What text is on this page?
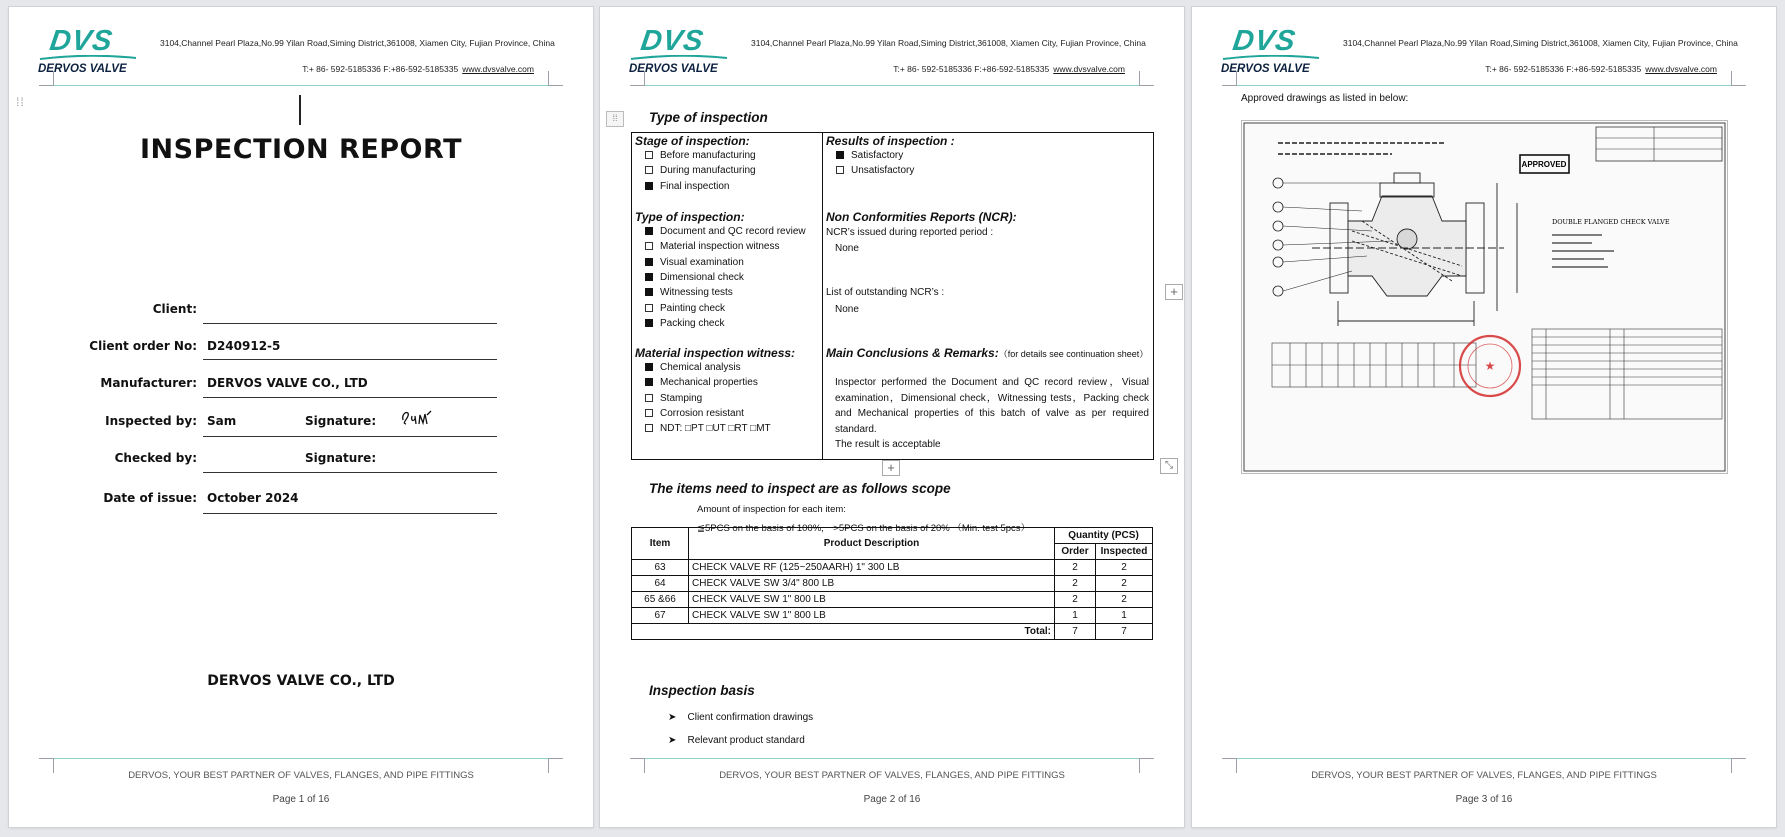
DVS
DERVOS VALVE
3104,Channel Pearl Plaza,No.99 Yilan Road,Siming District,361008, Xiamen City, Fujian Province, China
T:+ 86- 592-5185336 F:+86-592-5185335 www.dvsvalve.com
⁞⁞
INSPECTION REPORT
Client:
Client order No: D240912-5
Manufacturer: DERVOS VALVE CO., LTD
Inspected by: Sam	Signature:
Checked by:	Signature:
Date of issue: October 2024
DERVOS VALVE CO., LTD
DERVOS, YOUR BEST PARTNER OF VALVES, FLANGES, AND PIPE FITTINGS
Page 1 of 16
DVS
DERVOS VALVE
3104,Channel Pearl Plaza,No.99 Yilan Road,Siming District,361008, Xiamen City, Fujian Province, China
T:+ 86- 592-5185336 F:+86-592-5185335 www.dvsvalve.com
⁞⁞	Type of inspection
Stage of inspection:
Before manufacturing
During manufacturing
Final inspection
Type of inspection:
Document and QC record review
Material inspection witness
Visual examination
Dimensional check
Witnessing tests
Painting check
Packing check
Material inspection witness:
Chemical analysis
Mechanical properties
Stamping
Corrosion resistant
NDT: □PT □UT □RT □MT
Results of inspection :
Satisfactory
Unsatisfactory
Non Conformities Reports (NCR):
NCR’s issued during reported period :
None
List of outstanding NCR’s :
None
Main Conclusions & Remarks:（for details see continuation sheet）
Inspector performed the Document and QC record review，Visual examination，Dimensional check，Witnessing tests，Packing check and Mechanical properties of this batch of valve as per required standard.
The result is acceptable
+
+
⤡
The items need to inspect are as follows scope
Amount of inspection for each item:
≦5PCS on the basis of 100%,　>5PCS on the basis of 20% （Min. test 5pcs）
Item	Product Description	Quantity (PCS)	
		Order	Inspected
63	CHECK VALVE RF (125~250AARH) 1" 300 LB	2	2
64	CHECK VALVE SW 3/4" 800 LB	2	2
65 &66	CHECK VALVE SW 1" 800 LB	2	2
67	CHECK VALVE SW 1" 800 LB	1	1
Total:		7	7
Inspection basis
➤ Client confirmation drawings
➤ Relevant product standard
DERVOS, YOUR BEST PARTNER OF VALVES, FLANGES, AND PIPE FITTINGS
Page 2 of 16
DVS
DERVOS VALVE
3104,Channel Pearl Plaza,No.99 Yilan Road,Siming District,361008, Xiamen City, Fujian Province, China
T:+ 86- 592-5185336 F:+86-592-5185335 www.dvsvalve.com
Approved drawings as listed in below:
APPROVED
DOUBLE FLANGED CHECK VALVE
★
DERVOS, YOUR BEST PARTNER OF VALVES, FLANGES, AND PIPE FITTINGS
Page 3 of 16
